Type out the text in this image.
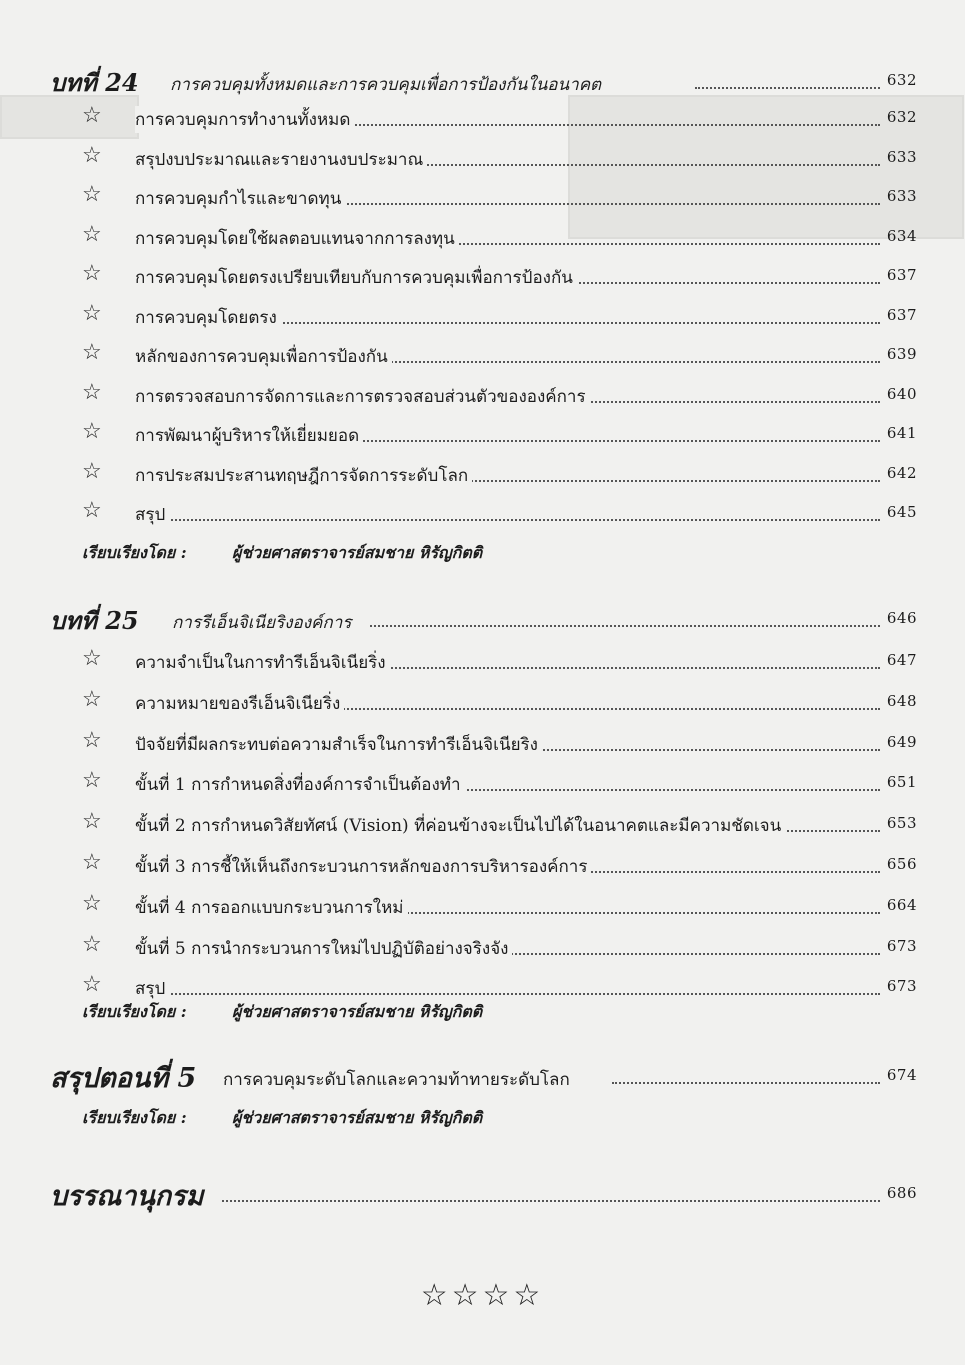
บทที่ 24 การควบคุมทั้งหมดและการควบคุมเพื่อการป้องกันในอนาคต	632
☆ การควบคุมการทำงานทั้งหมด	632
☆ สรุปงบประมาณและรายงานงบประมาณ	633
☆ การควบคุมกำไรและขาดทุน	633
☆ การควบคุมโดยใช้ผลตอบแทนจากการลงทุน	634
☆ การควบคุมโดยตรงเปรียบเทียบกับการควบคุมเพื่อการป้องกัน	637
☆ การควบคุมโดยตรง	637
☆ หลักของการควบคุมเพื่อการป้องกัน	639
☆ การตรวจสอบการจัดการและการตรวจสอบส่วนตัวขององค์การ	640
☆ การพัฒนาผู้บริหารให้เยี่ยมยอด	641
☆ การประสมประสานทฤษฎีการจัดการระดับโลก	642
☆ สรุป	645
เรียบเรียงโดย :	ผู้ช่วยศาสตราจารย์สมชาย หิรัญกิตติ
บทที่ 25 การรีเอ็นจิเนียริงองค์การ	646
☆ ความจำเป็นในการทำรีเอ็นจิเนียริ่ง	647
☆ ความหมายของรีเอ็นจิเนียริ่ง	648
☆ ปัจจัยที่มีผลกระทบต่อความสำเร็จในการทำรีเอ็นจิเนียริง	649
☆ ขั้นที่ 1 การกำหนดสิ่งที่องค์การจำเป็นต้องทำ	651
☆ ขั้นที่ 2 การกำหนดวิสัยทัศน์ (Vision) ที่ค่อนข้างจะเป็นไปได้ในอนาคตและมีความชัดเจน	653
☆ ขั้นที่ 3 การชี้ให้เห็นถึงกระบวนการหลักของการบริหารองค์การ	656
☆ ขั้นที่ 4 การออกแบบกระบวนการใหม่	664
☆ ขั้นที่ 5 การนำกระบวนการใหม่ไปปฏิบัติอย่างจริงจัง	673
☆ สรุป	673
เรียบเรียงโดย :	ผู้ช่วยศาสตราจารย์สมชาย หิรัญกิตติ
สรุปตอนที่ 5 การควบคุมระดับโลกและความท้าทายระดับโลก	674
เรียบเรียงโดย :	ผู้ช่วยศาสตราจารย์สมชาย หิรัญกิตติ
บรรณานุกรม	686
☆☆☆☆
